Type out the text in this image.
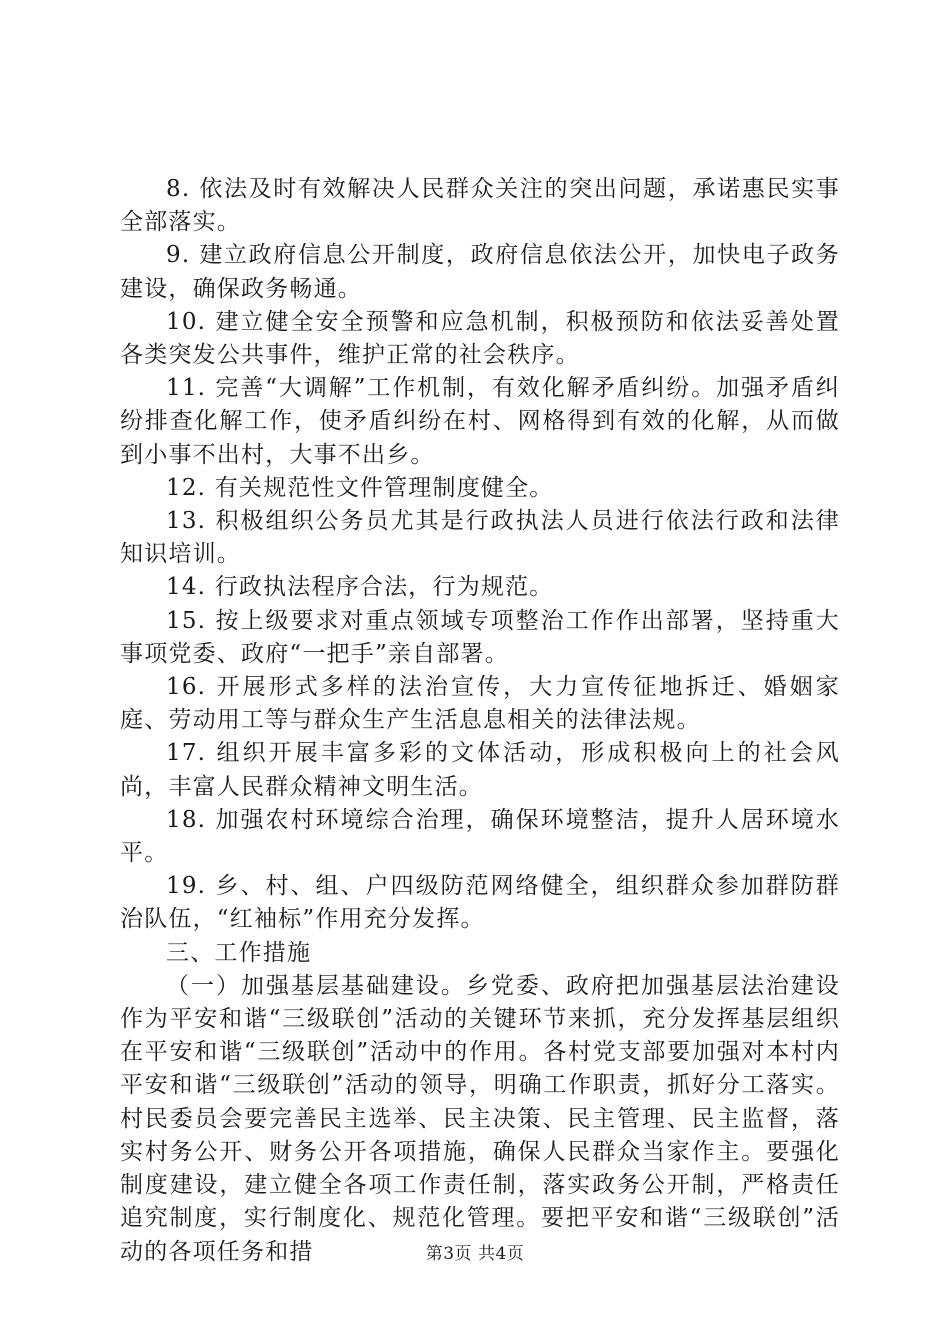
8. 依法及时有效解决人民群众关注的突出问题，承诺惠民实事全部落实。

9. 建立政府信息公开制度，政府信息依法公开，加快电子政务建设，确保政务畅通。

10. 建立健全安全预警和应急机制，积极预防和依法妥善处置各类突发公共事件，维护正常的社会秩序。

11. 完善“大调解”工作机制，有效化解矛盾纠纷。加强矛盾纠纷排查化解工作，使矛盾纠纷在村、网格得到有效的化解，从而做到小事不出村，大事不出乡。

12. 有关规范性文件管理制度健全。

13. 积极组织公务员尤其是行政执法人员进行依法行政和法律知识培训。

14. 行政执法程序合法，行为规范。

15. 按上级要求对重点领域专项整治工作作出部署，坚持重大事项党委、政府“一把手”亲自部署。

16. 开展形式多样的法治宣传，大力宣传征地拆迁、婚姻家庭、劳动用工等与群众生产生活息息相关的法律法规。

17. 组织开展丰富多彩的文体活动，形成积极向上的社会风尚，丰富人民群众精神文明生活。

18. 加强农村环境综合治理，确保环境整洁，提升人居环境水平。

19. 乡、村、组、户四级防范网络健全，组织群众参加群防群治队伍，“红袖标”作用充分发挥。

三、工作措施

（一）加强基层基础建设。乡党委、政府把加强基层法治建设作为平安和谐“三级联创”活动的关键环节来抓，充分发挥基层组织在平安和谐“三级联创”活动中的作用。各村党支部要加强对本村内平安和谐“三级联创”活动的领导，明确工作职责，抓好分工落实。村民委员会要完善民主选举、民主决策、民主管理、民主监督，落实村务公开、财务公开各项措施，确保人民群众当家作主。要强化制度建设，建立健全各项工作责任制，落实政务公开制，严格责任追究制度，实行制度化、规范化管理。要把平安和谐“三级联创”活动的各项任务和措	第3页 共4页
